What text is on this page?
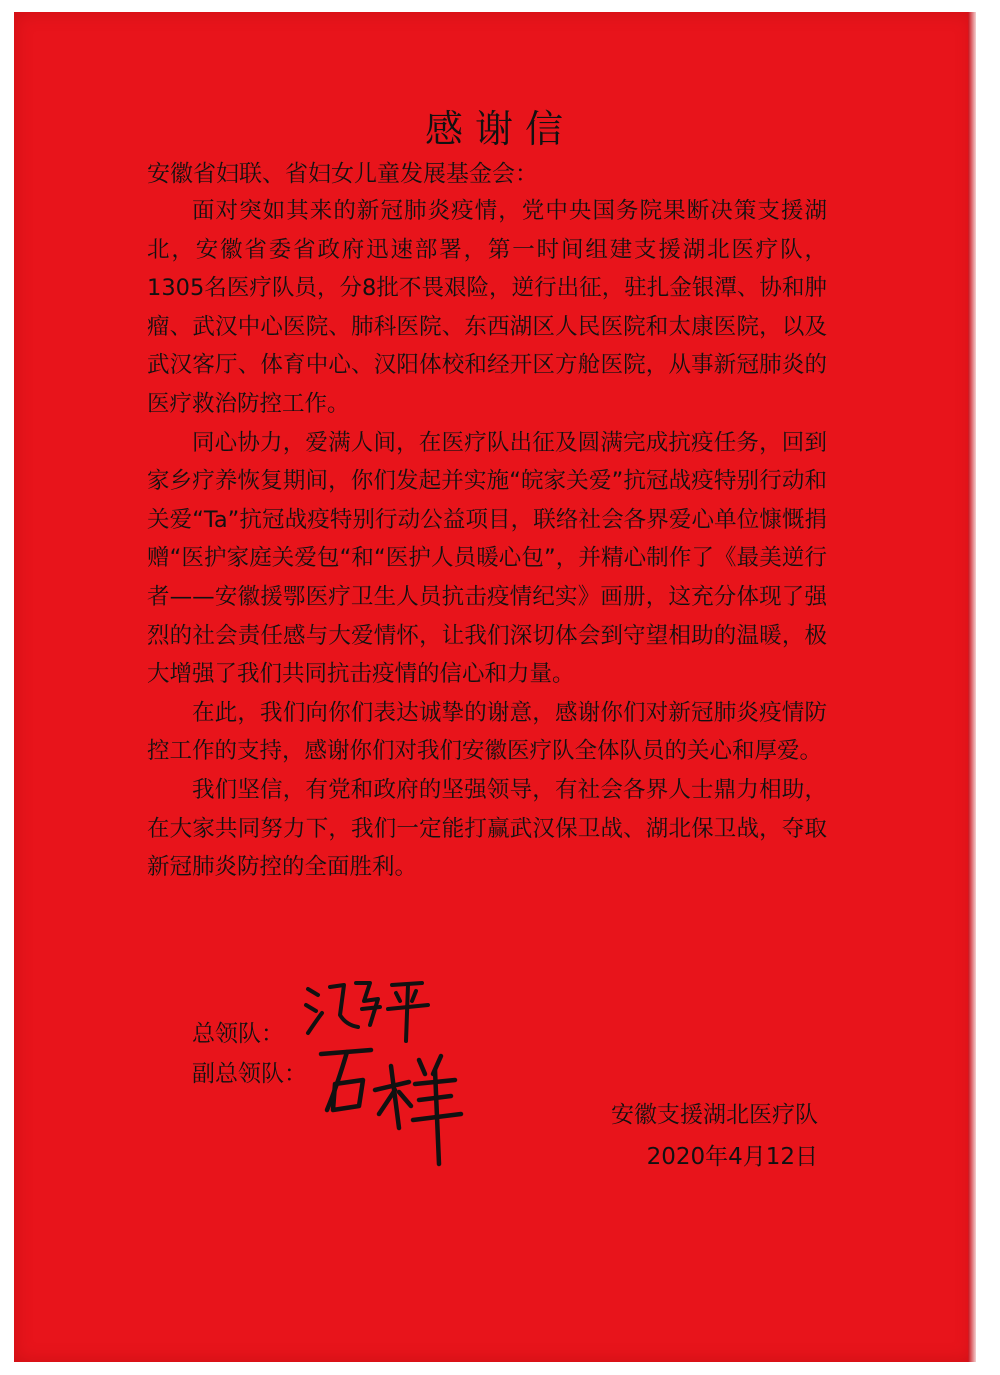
感谢信
安徽省妇联、省妇女儿童发展基金会：

面对突如其来的新冠肺炎疫情，党中央国务院果断决策支援湖北，安徽省委省政府迅速部署，第一时间组建支援湖北医疗队，1305名医疗队员，分8批不畏艰险，逆行出征，驻扎金银潭、协和肿瘤、武汉中心医院、肺科医院、东西湖区人民医院和太康医院，以及武汉客厅、体育中心、汉阳体校和经开区方舱医院，从事新冠肺炎的医疗救治防控工作。

同心协力，爱满人间，在医疗队出征及圆满完成抗疫任务，回到家乡疗养恢复期间，你们发起并实施“皖家关爱”抗冠战疫特别行动和关爱“Ta”抗冠战疫特别行动公益项目，联络社会各界爱心单位慷慨捐赠“医护家庭关爱包“和“医护人员暖心包”，并精心制作了《最美逆行者——安徽援鄂医疗卫生人员抗击疫情纪实》画册，这充分体现了强烈的社会责任感与大爱情怀，让我们深切体会到守望相助的温暖，极大增强了我们共同抗击疫情的信心和力量。

在此，我们向你们表达诚挚的谢意，感谢你们对新冠肺炎疫情防控工作的支持，感谢你们对我们安徽医疗队全体队员的关心和厚爱。

我们坚信，有党和政府的坚强领导，有社会各界人士鼎力相助，在大家共同努力下，我们一定能打赢武汉保卫战、湖北保卫战，夺取新冠肺炎防控的全面胜利。

总领队：
副总领队：
安徽支援湖北医疗队
2020年4月12日
